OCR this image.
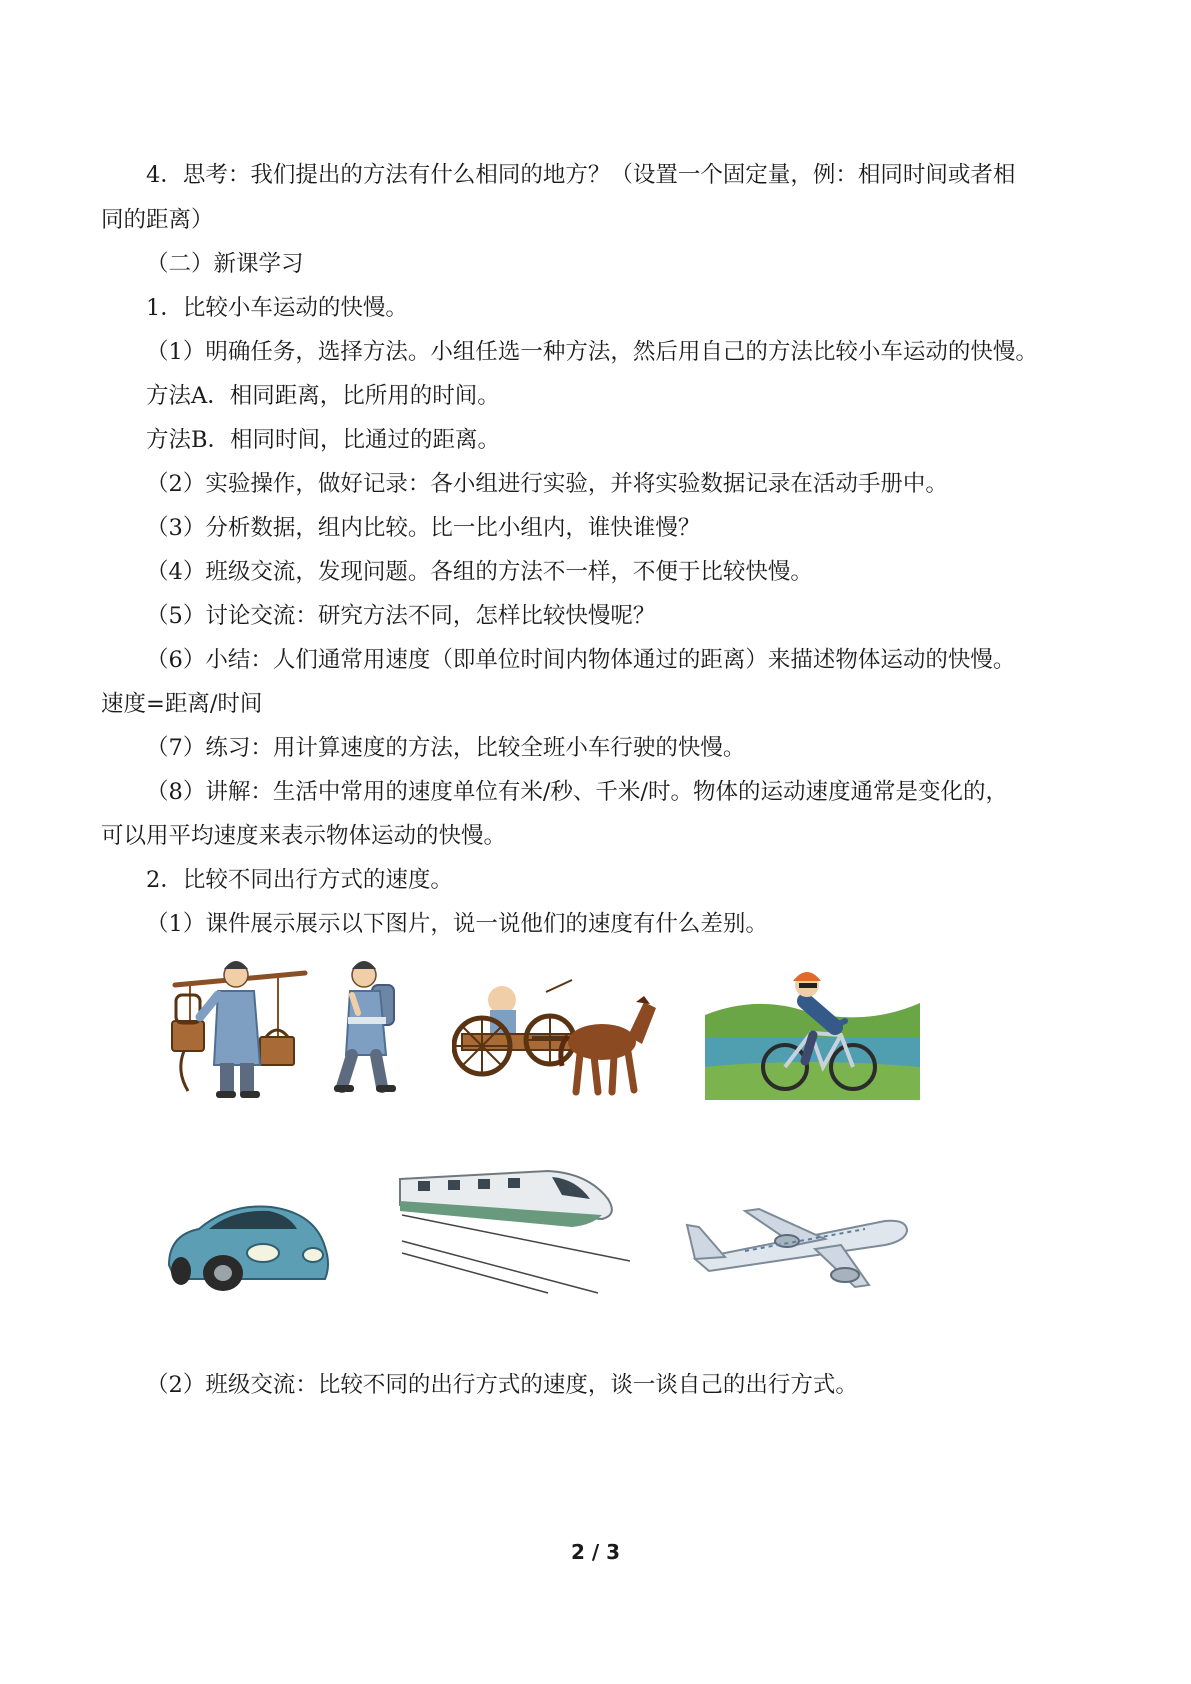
4．思考：我们提出的方法有什么相同的地方？（设置一个固定量，例：相同时间或者相
同的距离）
（二）新课学习
1．比较小车运动的快慢。
（1）明确任务，选择方法。小组任选一种方法，然后用自己的方法比较小车运动的快慢。
方法A．相同距离，比所用的时间。
方法B．相同时间，比通过的距离。
（2）实验操作，做好记录：各小组进行实验，并将实验数据记录在活动手册中。
（3）分析数据，组内比较。比一比小组内，谁快谁慢？
（4）班级交流，发现问题。各组的方法不一样，不便于比较快慢。
（5）讨论交流：研究方法不同，怎样比较快慢呢？
（6）小结：人们通常用速度（即单位时间内物体通过的距离）来描述物体运动的快慢。
速度=距离/时间
（7）练习：用计算速度的方法，比较全班小车行驶的快慢。
（8）讲解：生活中常用的速度单位有米/秒、千米/时。物体的运动速度通常是变化的，
可以用平均速度来表示物体运动的快慢。
2．比较不同出行方式的速度。
（1）课件展示展示以下图片，说一说他们的速度有什么差别。
（2）班级交流：比较不同的出行方式的速度，谈一谈自己的出行方式。
2 / 3
